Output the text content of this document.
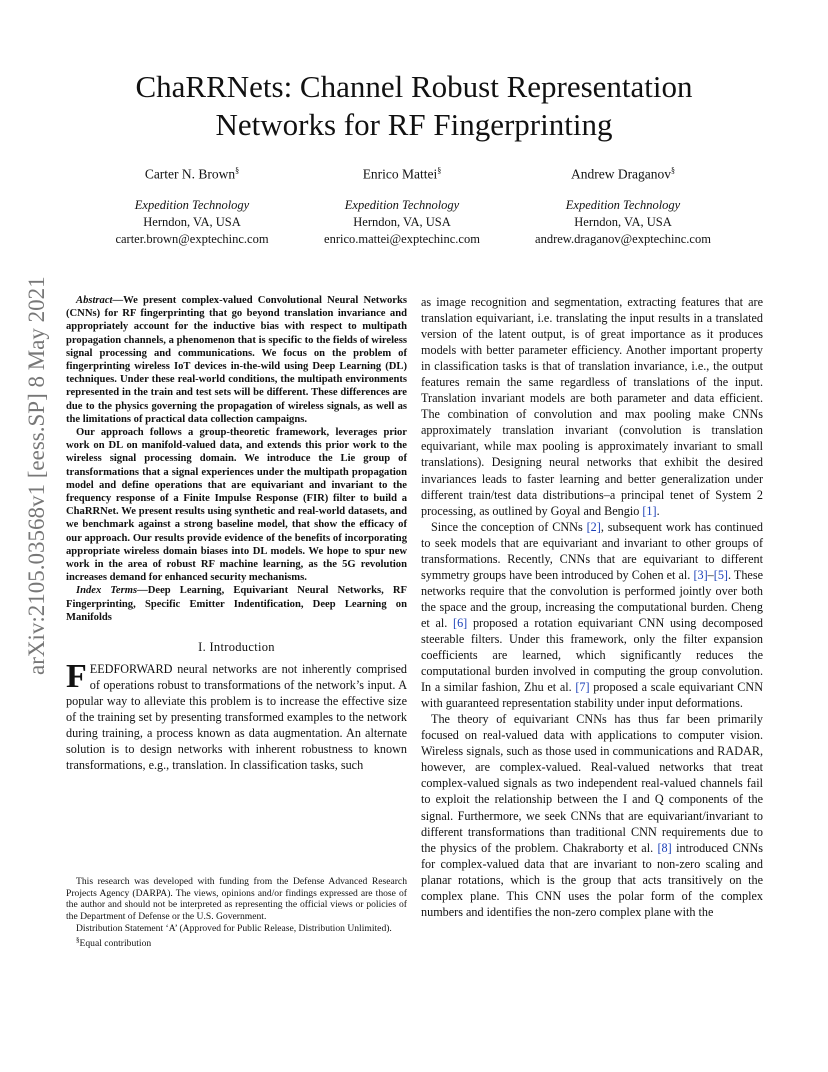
ChaRRNets: Channel Robust Representation
Networks for RF Fingerprinting
Carter N. Brown§
Expedition Technology
Herndon, VA, USA
carter.brown@exptechinc.com
Enrico Mattei§
Expedition Technology
Herndon, VA, USA
enrico.mattei@exptechinc.com
Andrew Draganov§
Expedition Technology
Herndon, VA, USA
andrew.draganov@exptechinc.com
arXiv:2105.03568v1 [eess.SP] 8 May 2021	Abstract—We present complex-valued Convolutional Neural Networks (CNNs) for RF fingerprinting that go beyond translation invariance and appropriately account for the inductive bias with respect to multipath propagation channels, a phenomenon that is specific to the fields of wireless signal processing and communications. We focus on the problem of fingerprinting wireless IoT devices in-the-wild using Deep Learning (DL) techniques. Under these real-world conditions, the multipath environments represented in the train and test sets will be different. These differences are due to the physics governing the propagation of wireless signals, as well as the limitations of practical data collection campaigns.

Our approach follows a group-theoretic framework, leverages prior work on DL on manifold-valued data, and extends this prior work to the wireless signal processing domain. We introduce the Lie group of transformations that a signal experiences under the multipath propagation model and define operations that are equivariant and invariant to the frequency response of a Finite Impulse Response (FIR) filter to build a ChaRRNet. We present results using synthetic and real-world datasets, and we benchmark against a strong baseline model, that show the efficacy of our approach. Our results provide evidence of the benefits of incorporating appropriate wireless domain biases into DL models. We hope to spur new work in the area of robust RF machine learning, as the 5G revolution increases demand for enhanced security mechanisms.

Index Terms—Deep Learning, Equivariant Neural Networks, RF Fingerprinting, Specific Emitter Indentification, Deep Learning on Manifolds

I. Introduction

FEEDFORWARD neural networks are not inherently comprised of operations robust to transformations of the network’s input. A popular way to alleviate this problem is to increase the effective size of the training set by presenting transformed examples to the network during training, a process known as data augmentation. An alternate solution is to design networks with inherent robustness to known transformations, e.g., translation. In classification tasks, such

This research was developed with funding from the Defense Advanced Research Projects Agency (DARPA). The views, opinions and/or findings expressed are those of the author and should not be interpreted as representing the official views or policies of the Department of Defense or the U.S. Government.

Distribution Statement ‘A’ (Approved for Public Release, Distribution Unlimited).

§Equal contribution

as image recognition and segmentation, extracting features that are translation equivariant, i.e. translating the input results in a translated version of the latent output, is of great importance as it produces models with better parameter efficiency. Another important property in classification tasks is that of translation invariance, i.e., the output features remain the same regardless of translations of the input. Translation invariant models are both parameter and data efficient. The combination of convolution and max pooling make CNNs approximately translation invariant (convolution is translation equivariant, while max pooling is approximately invariant to small translations). Designing neural networks that exhibit the desired invariances leads to faster learning and better generalization under different train/test data distributions–a principal tenet of System 2 processing, as outlined by Goyal and Bengio [1].

Since the conception of CNNs [2], subsequent work has continued to seek models that are equivariant and invariant to other groups of transformations. Recently, CNNs that are equivariant to different symmetry groups have been introduced by Cohen et al. [3]–[5]. These networks require that the convolution is performed jointly over both the space and the group, increasing the computational burden. Cheng et al. [6] proposed a rotation equivariant CNN using decomposed steerable filters. Under this framework, only the filter expansion coefficients are learned, which significantly reduces the computational burden involved in computing the group convolution. In a similar fashion, Zhu et al. [7] proposed a scale equivariant CNN with guaranteed representation stability under input deformations.

The theory of equivariant CNNs has thus far been primarily focused on real-valued data with applications to computer vision. Wireless signals, such as those used in communications and RADAR, however, are complex-valued. Real-valued networks that treat complex-valued signals as two independent real-valued channels fail to exploit the relationship between the I and Q components of the signal. Furthermore, we seek CNNs that are equivariant/invariant to different transformations than traditional CNN requirements due to the physics of the problem. Chakraborty et al. [8] introduced CNNs for complex-valued data that are invariant to non-zero scaling and planar rotations, which is the group that acts transitively on the complex plane. This CNN uses the polar form of the complex numbers and identifies the non-zero complex plane with the
